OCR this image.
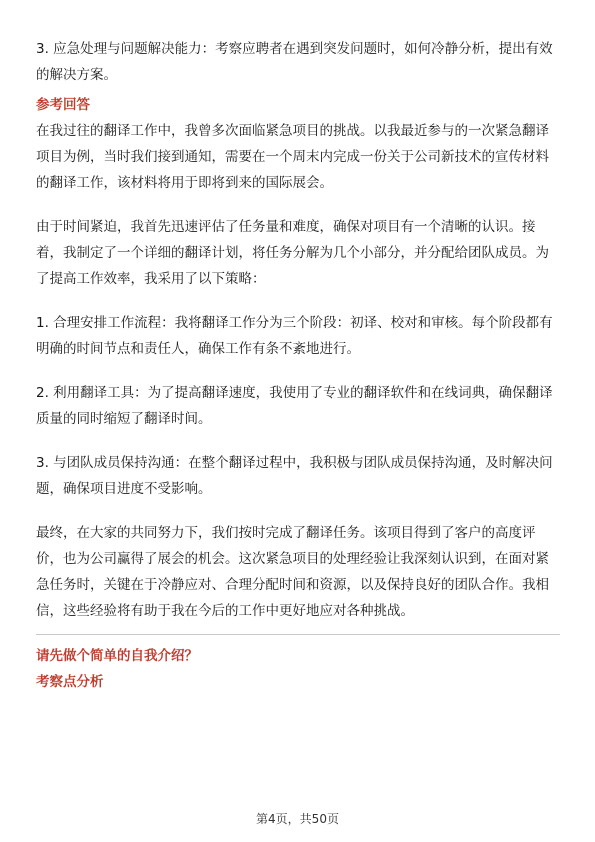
3. 应急处理与问题解决能力：考察应聘者在遇到突发问题时，如何冷静分析，提出有效的解决方案。

参考回答

在我过往的翻译工作中，我曾多次面临紧急项目的挑战。以我最近参与的一次紧急翻译项目为例，当时我们接到通知，需要在一个周末内完成一份关于公司新技术的宣传材料的翻译工作，该材料将用于即将到来的国际展会。

由于时间紧迫，我首先迅速评估了任务量和难度，确保对项目有一个清晰的认识。接着，我制定了一个详细的翻译计划，将任务分解为几个小部分，并分配给团队成员。为了提高工作效率，我采用了以下策略：

1. 合理安排工作流程：我将翻译工作分为三个阶段：初译、校对和审核。每个阶段都有明确的时间节点和责任人，确保工作有条不紊地进行。

2. 利用翻译工具：为了提高翻译速度，我使用了专业的翻译软件和在线词典，确保翻译质量的同时缩短了翻译时间。

3. 与团队成员保持沟通：在整个翻译过程中，我积极与团队成员保持沟通，及时解决问题，确保项目进度不受影响。

最终，在大家的共同努力下，我们按时完成了翻译任务。该项目得到了客户的高度评价，也为公司赢得了展会的机会。这次紧急项目的处理经验让我深刻认识到，在面对紧急任务时，关键在于冷静应对、合理分配时间和资源，以及保持良好的团队合作。我相信，这些经验将有助于我在今后的工作中更好地应对各种挑战。

请先做个简单的自我介绍？

考察点分析

第4页，共50页
